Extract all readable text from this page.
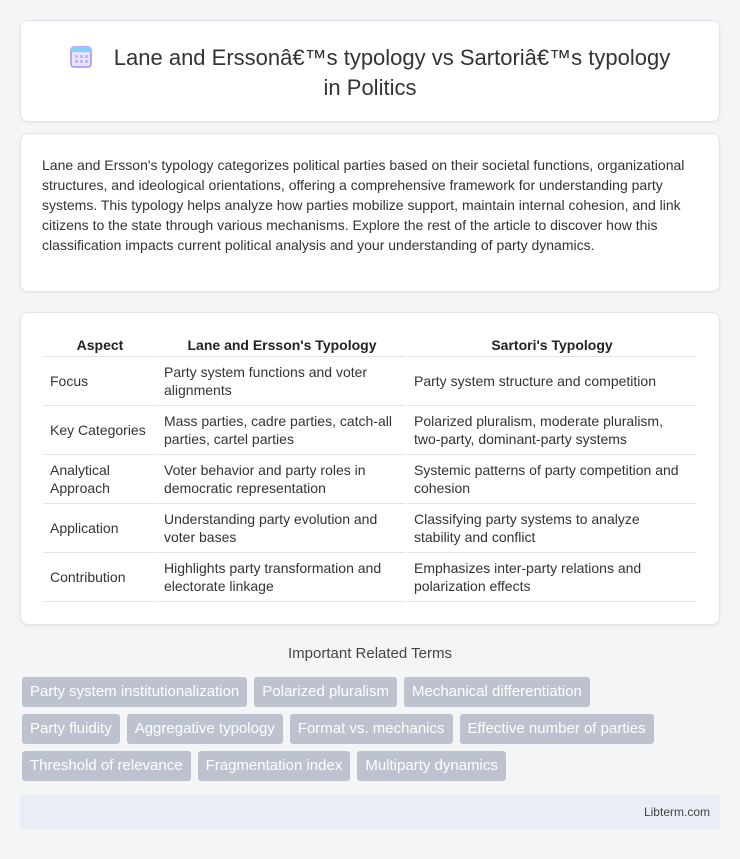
Lane and Erssonâ€™s typology vs Sartoriâ€™s typology
in Politics

Lane and Ersson's typology categorizes political parties based on their societal functions, organizational structures, and ideological orientations, offering a comprehensive framework for understanding party systems. This typology helps analyze how parties mobilize support, maintain internal cohesion, and link citizens to the state through various mechanisms. Explore the rest of the article to discover how this classification impacts current political analysis and your understanding of party dynamics.

Aspect	Lane and Ersson's Typology	Sartori's Typology
Focus	Party system functions and voter alignments	Party system structure and competition
Key Categories	Mass parties, cadre parties, catch-all parties, cartel parties	Polarized pluralism, moderate pluralism, two-party, dominant-party systems
Analytical Approach	Voter behavior and party roles in democratic representation	Systemic patterns of party competition and cohesion
Application	Understanding party evolution and voter bases	Classifying party systems to analyze stability and conflict
Contribution	Highlights party transformation and electorate linkage	Emphasizes inter-party relations and polarization effects
Important Related Terms
Party system institutionalization	Polarized pluralism	Mechanical differentiation
Party fluidity	Aggregative typology	Format vs. mechanics	Effective number of parties
Threshold of relevance	Fragmentation index	Multiparty dynamics
Libterm.com
